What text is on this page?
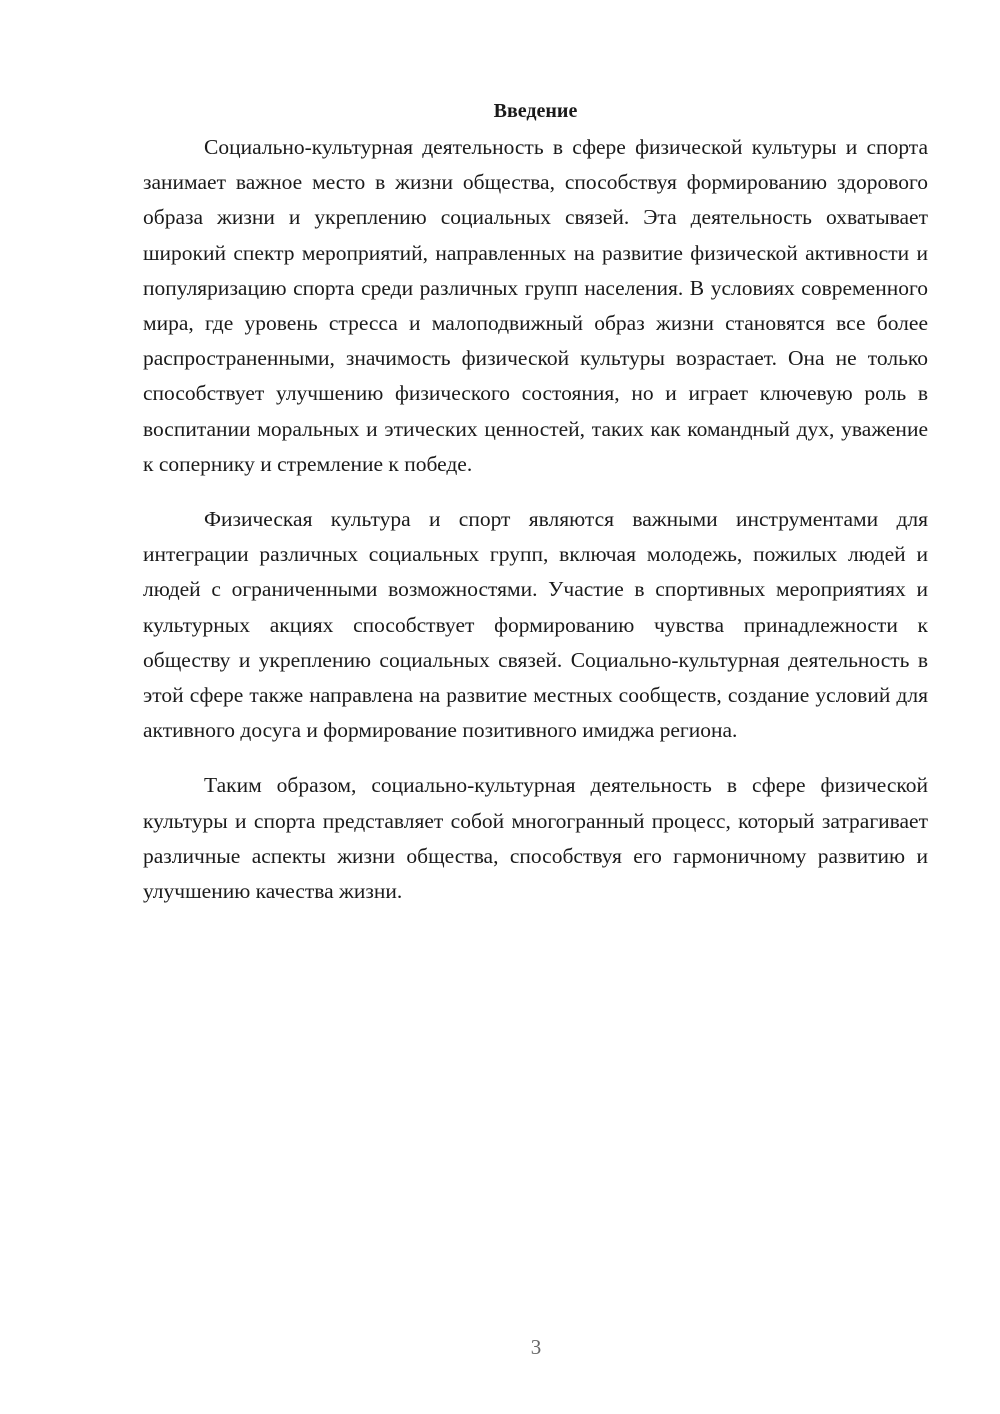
Введение

Социально-культурная деятельность в сфере физической культуры и спорта занимает важное место в жизни общества, способствуя формированию здорового образа жизни и укреплению социальных связей. Эта деятельность охватывает широкий спектр мероприятий, направленных на развитие физической активности и популяризацию спорта среди различных групп населения. В условиях современного мира, где уровень стресса и малоподвижный образ жизни становятся все более распространенными, значимость физической культуры возрастает. Она не только способствует улучшению физического состояния, но и играет ключевую роль в воспитании моральных и этических ценностей, таких как командный дух, уважение к сопернику и стремление к победе.

Физическая культура и спорт являются важными инструментами для интеграции различных социальных групп, включая молодежь, пожилых людей и людей с ограниченными возможностями. Участие в спортивных мероприятиях и культурных акциях способствует формированию чувства принадлежности к обществу и укреплению социальных связей. Социально-культурная деятельность в этой сфере также направлена на развитие местных сообществ, создание условий для активного досуга и формирование позитивного имиджа региона.

Таким образом, социально-культурная деятельность в сфере физической культуры и спорта представляет собой многогранный процесс, который затрагивает различные аспекты жизни общества, способствуя его гармоничному развитию и улучшению качества жизни.

3
